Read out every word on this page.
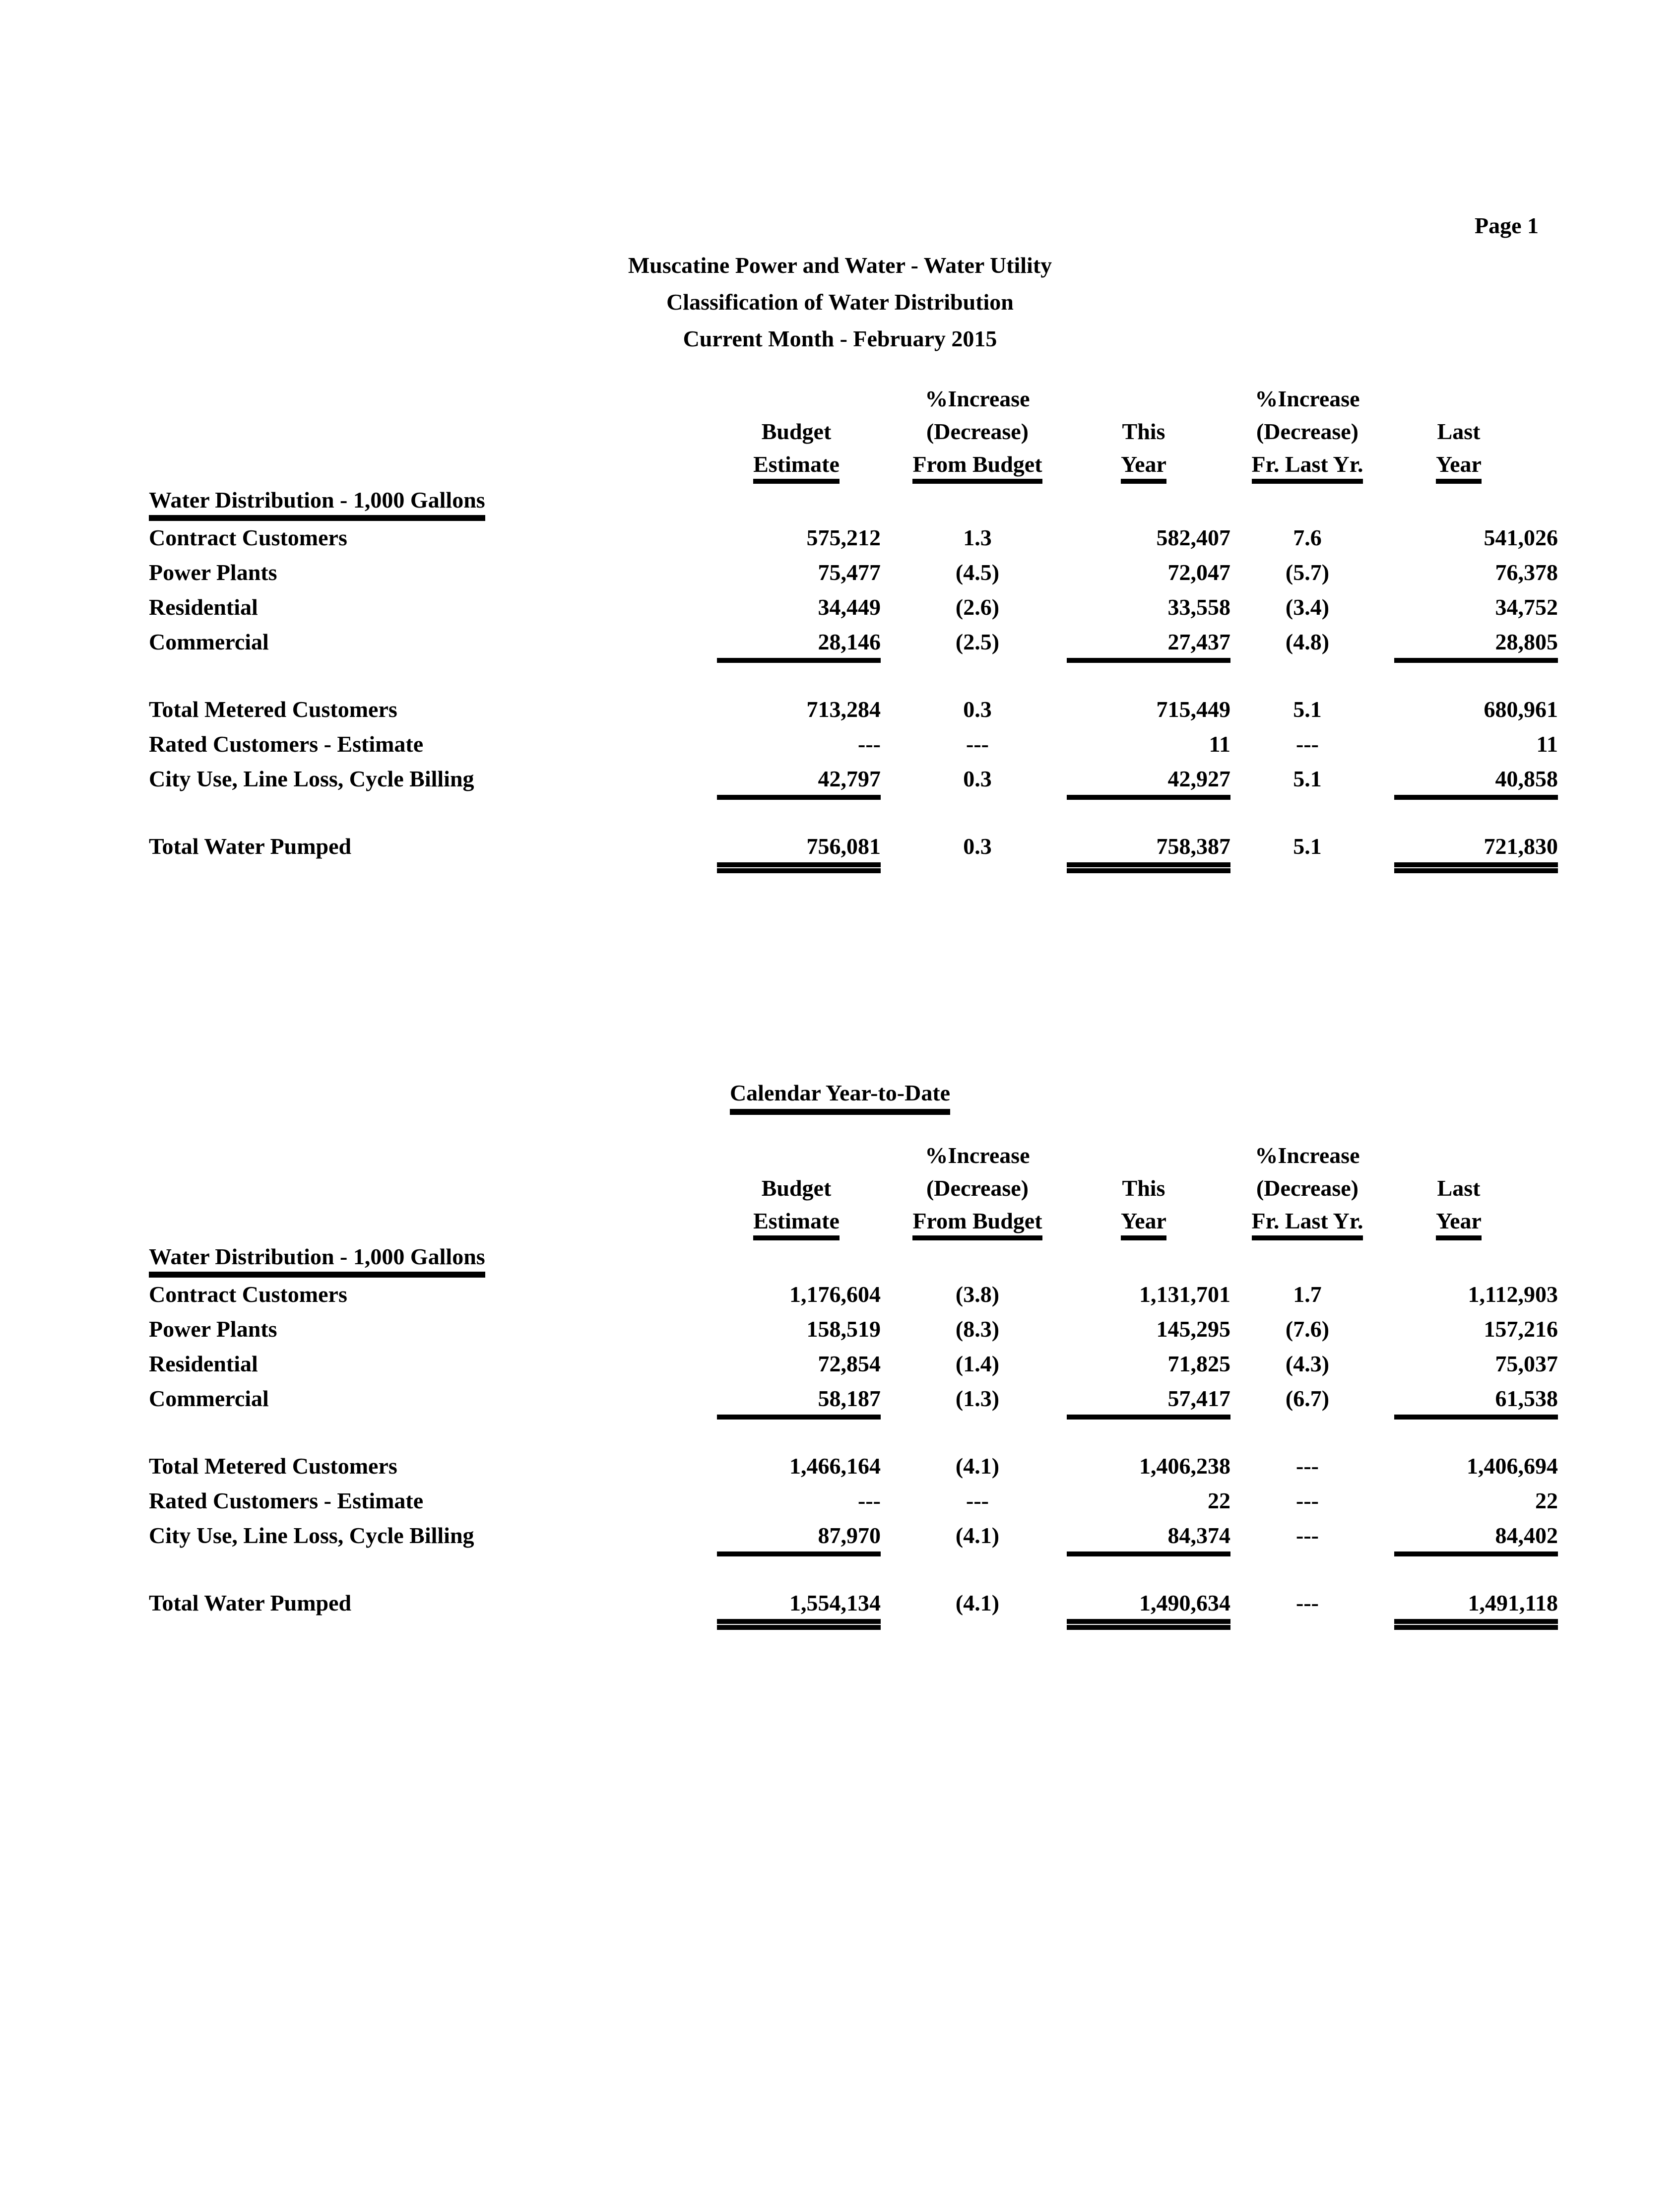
Page 1
Muscatine Power and Water - Water Utility
Classification of Water Distribution
Current Month - February 2015
		%Increase		%Increase	
	Budget	(Decrease)	This	(Decrease)	Last
	Estimate	From Budget	Year	Fr. Last Yr.	Year
Water Distribution - 1,000 Gallons					
Contract Customers	575,212	1.3	582,407	7.6	541,026
Power Plants	75,477	(4.5)	72,047	(5.7)	76,378
Residential	34,449	(2.6)	33,558	(3.4)	34,752
Commercial	28,146	(2.5)	27,437	(4.8)	28,805

Total Metered Customers	713,284	0.3	715,449	5.1	680,961
Rated Customers - Estimate	---	---	11	---	11
City Use, Line Loss, Cycle Billing	42,797	0.3	42,927	5.1	40,858

Total Water Pumped	756,081	0.3	758,387	5.1	721,830
Calendar Year-to-Date
		%Increase		%Increase	
	Budget	(Decrease)	This	(Decrease)	Last
	Estimate	From Budget	Year	Fr. Last Yr.	Year
Water Distribution - 1,000 Gallons					
Contract Customers	1,176,604	(3.8)	1,131,701	1.7	1,112,903
Power Plants	158,519	(8.3)	145,295	(7.6)	157,216
Residential	72,854	(1.4)	71,825	(4.3)	75,037
Commercial	58,187	(1.3)	57,417	(6.7)	61,538

Total Metered Customers	1,466,164	(4.1)	1,406,238	---	1,406,694
Rated Customers - Estimate	---	---	22	---	22
City Use, Line Loss, Cycle Billing	87,970	(4.1)	84,374	---	84,402

Total Water Pumped	1,554,134	(4.1)	1,490,634	---	1,491,118
